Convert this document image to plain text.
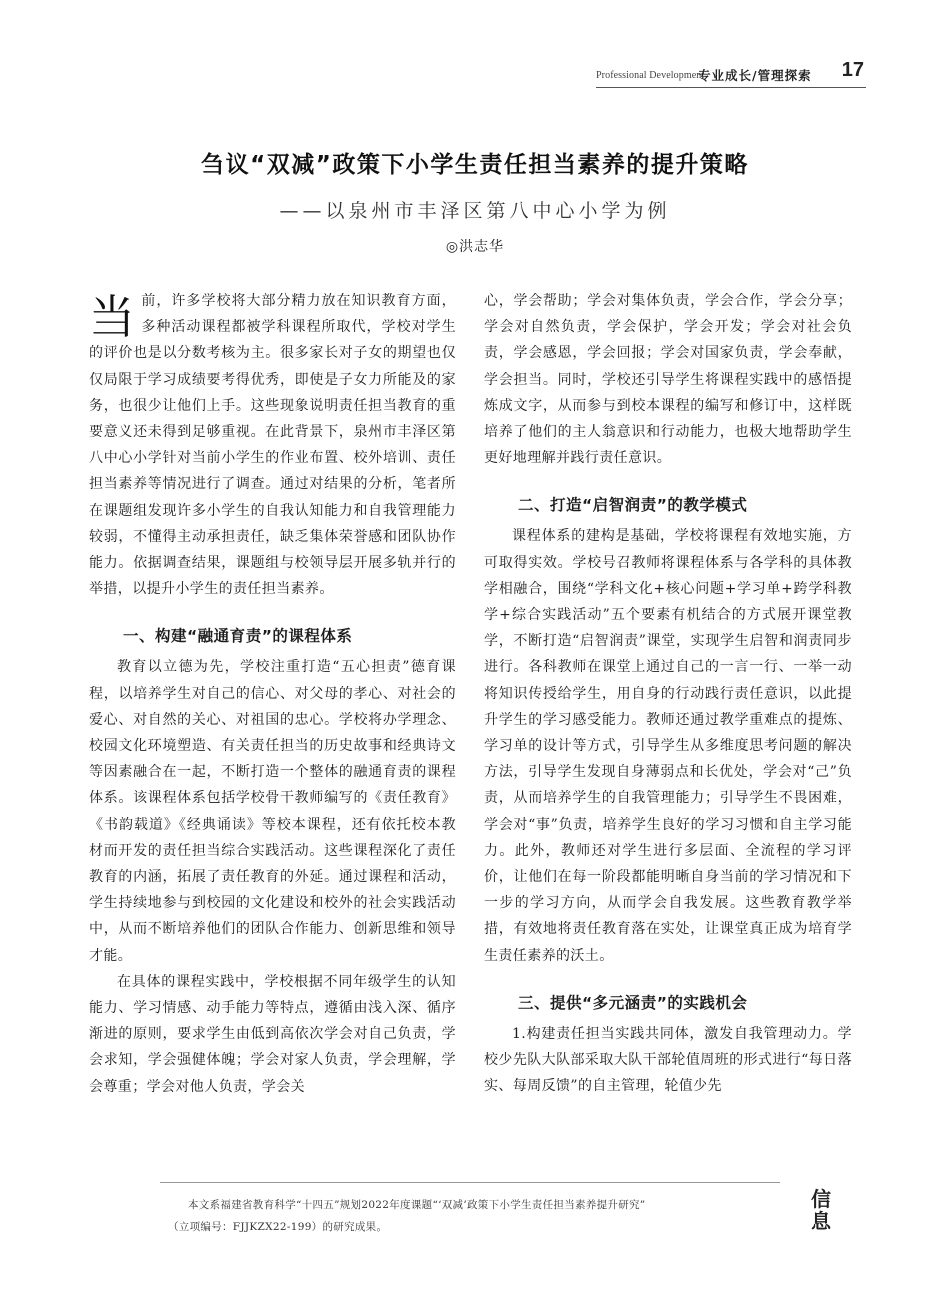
Professional Development
专业成长/管理探索 17
刍议“双减”政策下小学生责任担当素养的提升策略
——以泉州市丰泽区第八中心小学为例
◎洪志华

当前，许多学校将大部分精力放在知识教育方面，多种活动课程都被学科课程所取代，学校对学生的评价也是以分数考核为主。很多家长对子女的期望也仅仅局限于学习成绩要考得优秀，即使是子女力所能及的家务，也很少让他们上手。这些现象说明责任担当教育的重要意义还未得到足够重视。在此背景下，泉州市丰泽区第八中心小学针对当前小学生的作业布置、校外培训、责任担当素养等情况进行了调查。通过对结果的分析，笔者所在课题组发现许多小学生的自我认知能力和自我管理能力较弱，不懂得主动承担责任，缺乏集体荣誉感和团队协作能力。依据调查结果，课题组与校领导层开展多轨并行的举措，以提升小学生的责任担当素养。

一、构建“融通育责”的课程体系

教育以立德为先，学校注重打造“五心担责”德育课程，以培养学生对自己的信心、对父母的孝心、对社会的爱心、对自然的关心、对祖国的忠心。学校将办学理念、校园文化环境塑造、有关责任担当的历史故事和经典诗文等因素融合在一起，不断打造一个整体的融通育责的课程体系。该课程体系包括学校骨干教师编写的《责任教育》《书韵载道》《经典诵读》等校本课程，还有依托校本教材而开发的责任担当综合实践活动。这些课程深化了责任教育的内涵，拓展了责任教育的外延。通过课程和活动，学生持续地参与到校园的文化建设和校外的社会实践活动中，从而不断培养他们的团队合作能力、创新思维和领导才能。

在具体的课程实践中，学校根据不同年级学生的认知能力、学习情感、动手能力等特点，遵循由浅入深、循序渐进的原则，要求学生由低到高依次学会对自己负责，学会求知，学会强健体魄；学会对家人负责，学会理解，学会尊重；学会对他人负责，学会关

心，学会帮助；学会对集体负责，学会合作，学会分享；学会对自然负责，学会保护，学会开发；学会对社会负责，学会感恩，学会回报；学会对国家负责，学会奉献，学会担当。同时，学校还引导学生将课程实践中的感悟提炼成文字，从而参与到校本课程的编写和修订中，这样既培养了他们的主人翁意识和行动能力，也极大地帮助学生更好地理解并践行责任意识。

二、打造“启智润责”的教学模式

课程体系的建构是基础，学校将课程有效地实施，方可取得实效。学校号召教师将课程体系与各学科的具体教学相融合，围绕“学科文化+核心问题+学习单+跨学科教学+综合实践活动”五个要素有机结合的方式展开课堂教学，不断打造“启智润责”课堂，实现学生启智和润责同步进行。各科教师在课堂上通过自己的一言一行、一举一动将知识传授给学生，用自身的行动践行责任意识，以此提升学生的学习感受能力。教师还通过教学重难点的提炼、学习单的设计等方式，引导学生从多维度思考问题的解决方法，引导学生发现自身薄弱点和长优处，学会对“己”负责，从而培养学生的自我管理能力；引导学生不畏困难，学会对“事”负责，培养学生良好的学习习惯和自主学习能力。此外，教师还对学生进行多层面、全流程的学习评价，让他们在每一阶段都能明晰自身当前的学习情况和下一步的学习方向，从而学会自我发展。这些教育教学举措，有效地将责任教育落在实处，让课堂真正成为培育学生责任素养的沃土。

三、提供“多元涵责”的实践机会

1.构建责任担当实践共同体，激发自我管理动力。学校少先队大队部采取大队干部轮值周班的形式进行“每日落实、每周反馈”的自主管理，轮值少先

本文系福建省教育科学“十四五”规划2022年度课题“‘双减’政策下小学生责任担当素养提升研究”

（立项编号：FJJKZX22-199）的研究成果。

信息
